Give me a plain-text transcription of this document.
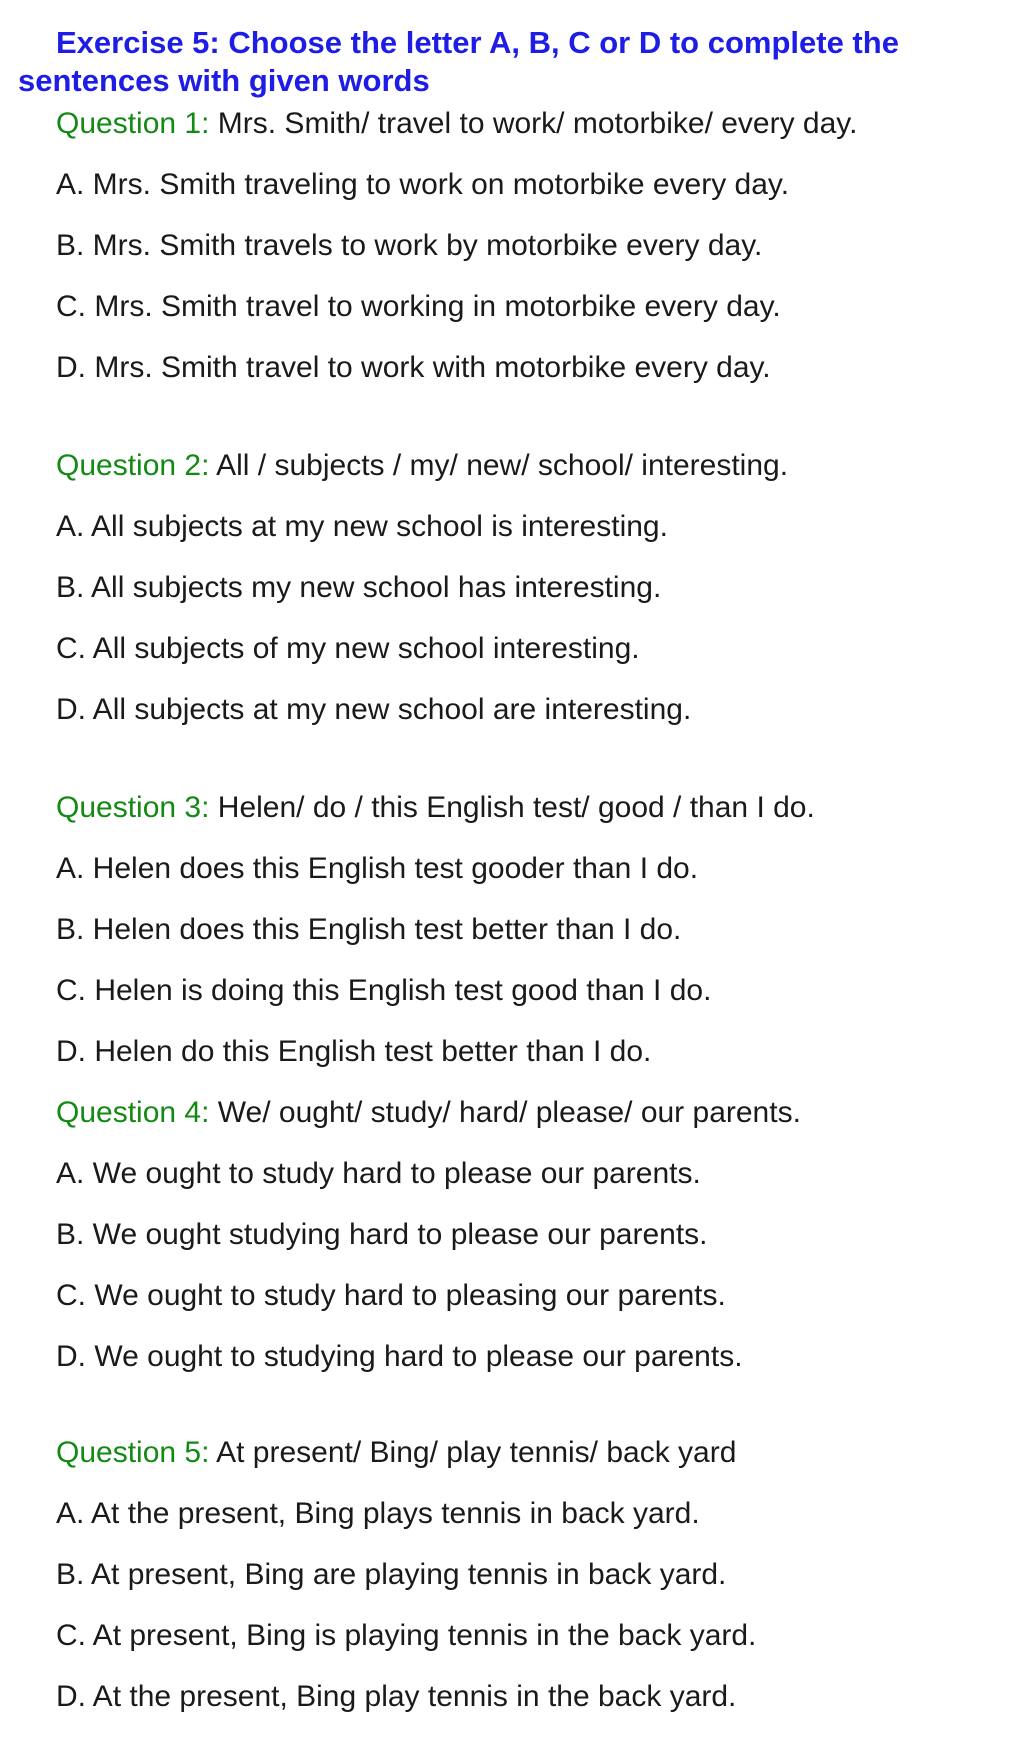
Exercise 5: Choose the letter A, B, C or D to complete the sentences with given words
Question 1: Mrs. Smith/ travel to work/ motorbike/ every day.
A. Mrs. Smith traveling to work on motorbike every day.
B. Mrs. Smith travels to work by motorbike every day.
C. Mrs. Smith travel to working in motorbike every day.
D. Mrs. Smith travel to work with motorbike every day.
Question 2: All / subjects / my/ new/ school/ interesting.
A. All subjects at my new school is interesting.
B. All subjects my new school has interesting.
C. All subjects of my new school interesting.
D. All subjects at my new school are interesting.
Question 3: Helen/ do / this English test/ good / than I do.
A. Helen does this English test gooder than I do.
B. Helen does this English test better than I do.
C. Helen is doing this English test good than I do.
D. Helen do this English test better than I do.
Question 4: We/ ought/ study/ hard/ please/ our parents.
A. We ought to study hard to please our parents.
B. We ought studying hard to please our parents.
C. We ought to study hard to pleasing our parents.
D. We ought to studying hard to please our parents.
Question 5: At present/ Bing/ play tennis/ back yard
A. At the present, Bing plays tennis in back yard.
B. At present, Bing are playing tennis in back yard.
C. At present, Bing is playing tennis in the back yard.
D. At the present, Bing play tennis in the back yard.
